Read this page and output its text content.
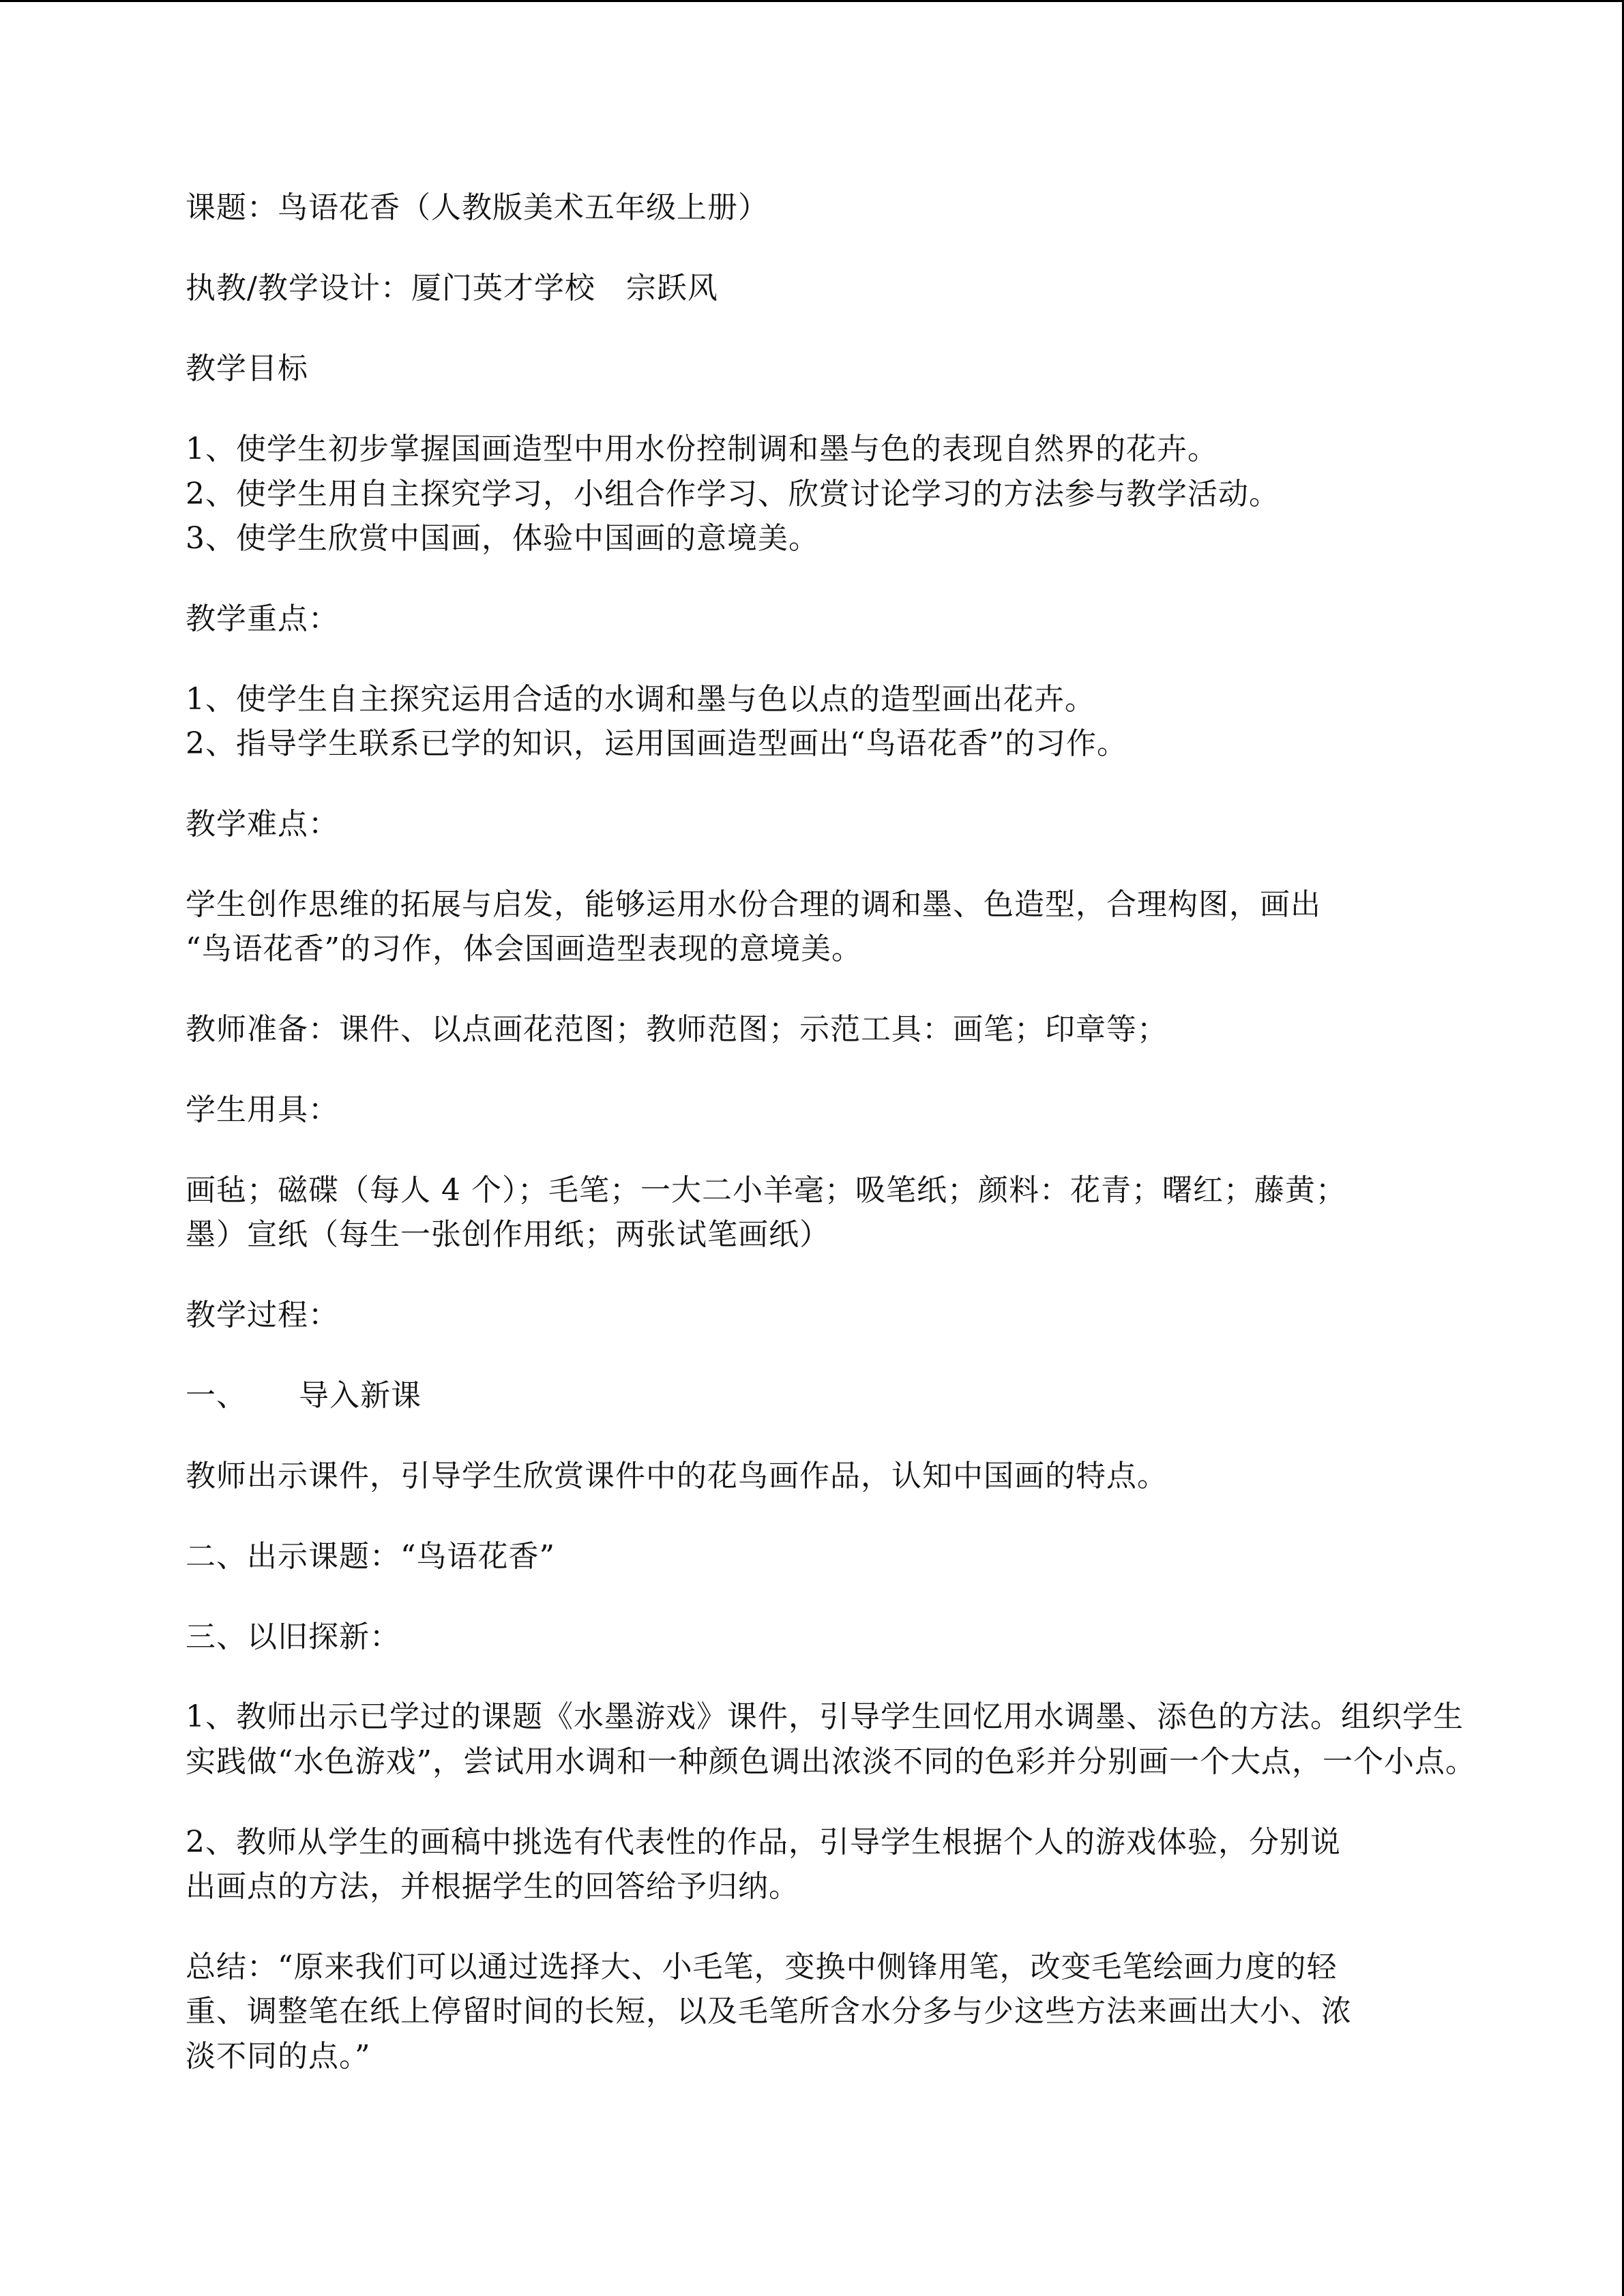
课题：鸟语花香（人教版美术五年级上册）
执教/教学设计：厦门英才学校　宗跃风
教学目标
1、使学生初步掌握国画造型中用水份控制调和墨与色的表现自然界的花卉。
2、使学生用自主探究学习，小组合作学习、欣赏讨论学习的方法参与教学活动。
3、使学生欣赏中国画，体验中国画的意境美。
教学重点：
1、使学生自主探究运用合适的水调和墨与色以点的造型画出花卉。
2、指导学生联系已学的知识，运用国画造型画出“鸟语花香”的习作。
教学难点：
学生创作思维的拓展与启发，能够运用水份合理的调和墨、色造型，合理构图，画出
“鸟语花香”的习作，体会国画造型表现的意境美。
教师准备：课件、以点画花范图；教师范图；示范工具：画笔；印章等；
学生用具：
画毡；磁碟（每人 4 个）；毛笔；一大二小羊毫；吸笔纸；颜料：花青；曙红；藤黄；
墨）宣纸（每生一张创作用纸；两张试笔画纸）
教学过程：
一、 导入新课
教师出示课件，引导学生欣赏课件中的花鸟画作品，认知中国画的特点。
二、出示课题：“鸟语花香”
三、以旧探新：
1、教师出示已学过的课题《水墨游戏》课件，引导学生回忆用水调墨、添色的方法。组织学生
实践做“水色游戏”，尝试用水调和一种颜色调出浓淡不同的色彩并分别画一个大点，一个小点。
2、教师从学生的画稿中挑选有代表性的作品，引导学生根据个人的游戏体验，分别说
出画点的方法，并根据学生的回答给予归纳。
总结：“原来我们可以通过选择大、小毛笔，变换中侧锋用笔，改变毛笔绘画力度的轻
重、调整笔在纸上停留时间的长短，以及毛笔所含水分多与少这些方法来画出大小、浓
淡不同的点。”
